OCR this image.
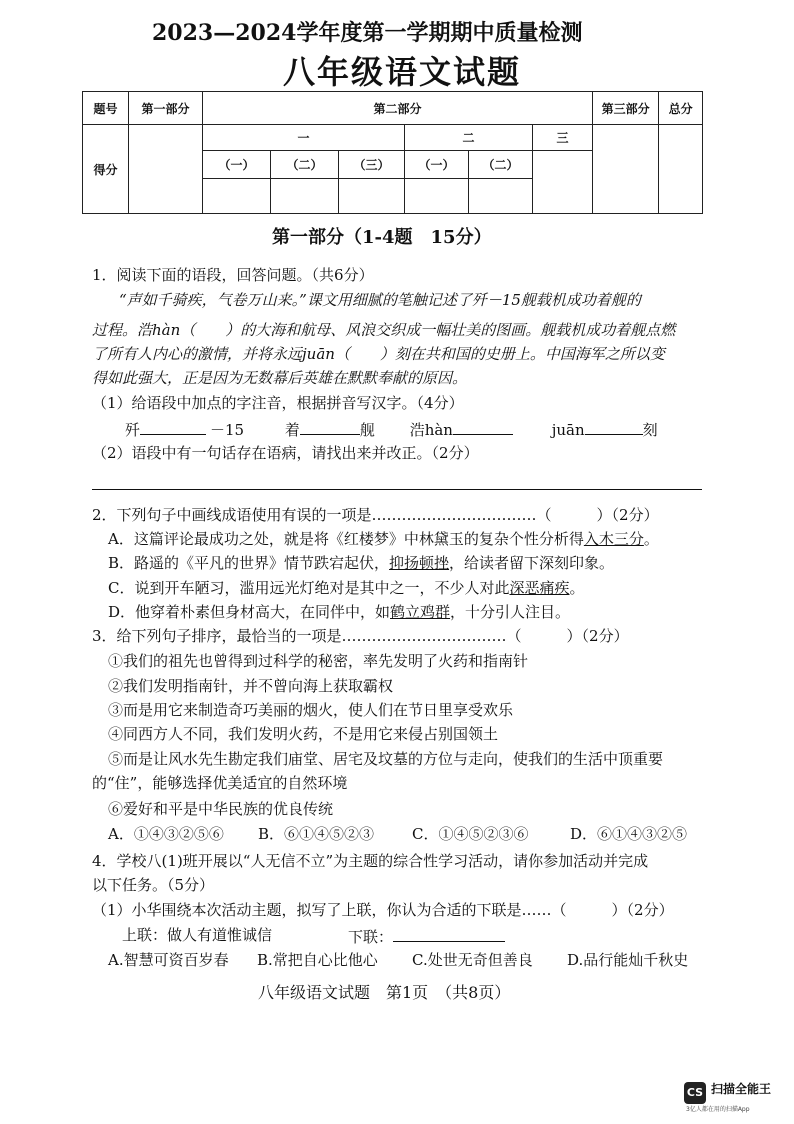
2023—2024学年度第一学期期中质量检测
八年级语文试题
题号	第一部分	第二部分						第三部分	总分
得分		一			二		三		
		（一）	（二）	（三）	（一）	（二）			

第一部分（1-4题　15分）
1．阅读下面的语段，回答问题。（共6分）
“声如千骑疾，气卷万山来。”课文用细腻的笔触记述了歼－15舰载机成功着舰的
过程。浩hàn（　　）的大海和航母、风浪交织成一幅壮美的图画。舰载机成功着舰点燃
了所有人内心的激情，并将永远juān（　　）刻在共和国的史册上。中国海军之所以变
得如此强大，正是因为无数幕后英雄在默默奉献的原因。
（1）给语段中加点的字注音，根据拼音写汉字。（4分）
歼	－15	着	舰 浩hàn	juān	刻
（2）语段中有一句话存在语病，请找出来并改正。（2分）
2．下列句子中画线成语使用有误的一项是……………………………（　　　）（2分）
A．这篇评论最成功之处，就是将《红楼梦》中林黛玉的复杂个性分析得入木三分。
B．路遥的《平凡的世界》情节跌宕起伏，抑扬顿挫，给读者留下深刻印象。
C．说到开车陋习，滥用远光灯绝对是其中之一，不少人对此深恶痛疾。
D．他穿着朴素但身材高大，在同伴中，如鹤立鸡群，十分引人注目。
3．给下列句子排序，最恰当的一项是……………………………（　　　）（2分）
①我们的祖先也曾得到过科学的秘密，率先发明了火药和指南针
②我们发明指南针，并不曾向海上获取霸权
③而是用它来制造奇巧美丽的烟火，使人们在节日里享受欢乐
④同西方人不同，我们发明火药，不是用它来侵占别国领土
⑤而是让风水先生勘定我们庙堂、居宅及坟墓的方位与走向，使我们的生活中顶重要
的“住”，能够选择优美适宜的自然环境
⑥爱好和平是中华民族的优良传统
A．①④③②⑤⑥ B．⑥①④⑤②③	C．①④⑤②③⑥	D．⑥①④③②⑤
4．学校八(1)班开展以“人无信不立”为主题的综合性学习活动，请你参加活动并完成
以下任务。（5分）
（1）小华围绕本次活动主题，拟写了上联，你认为合适的下联是……（　　　）（2分）
上联：做人有道惟诚信	下联：
A.智慧可资百岁春 B.常把自心比他心 C.处世无奇但善良 D.品行能灿千秋史
八年级语文试题　第1页　（共8页）
CS 扫描全能王
3亿人都在用的扫描App
